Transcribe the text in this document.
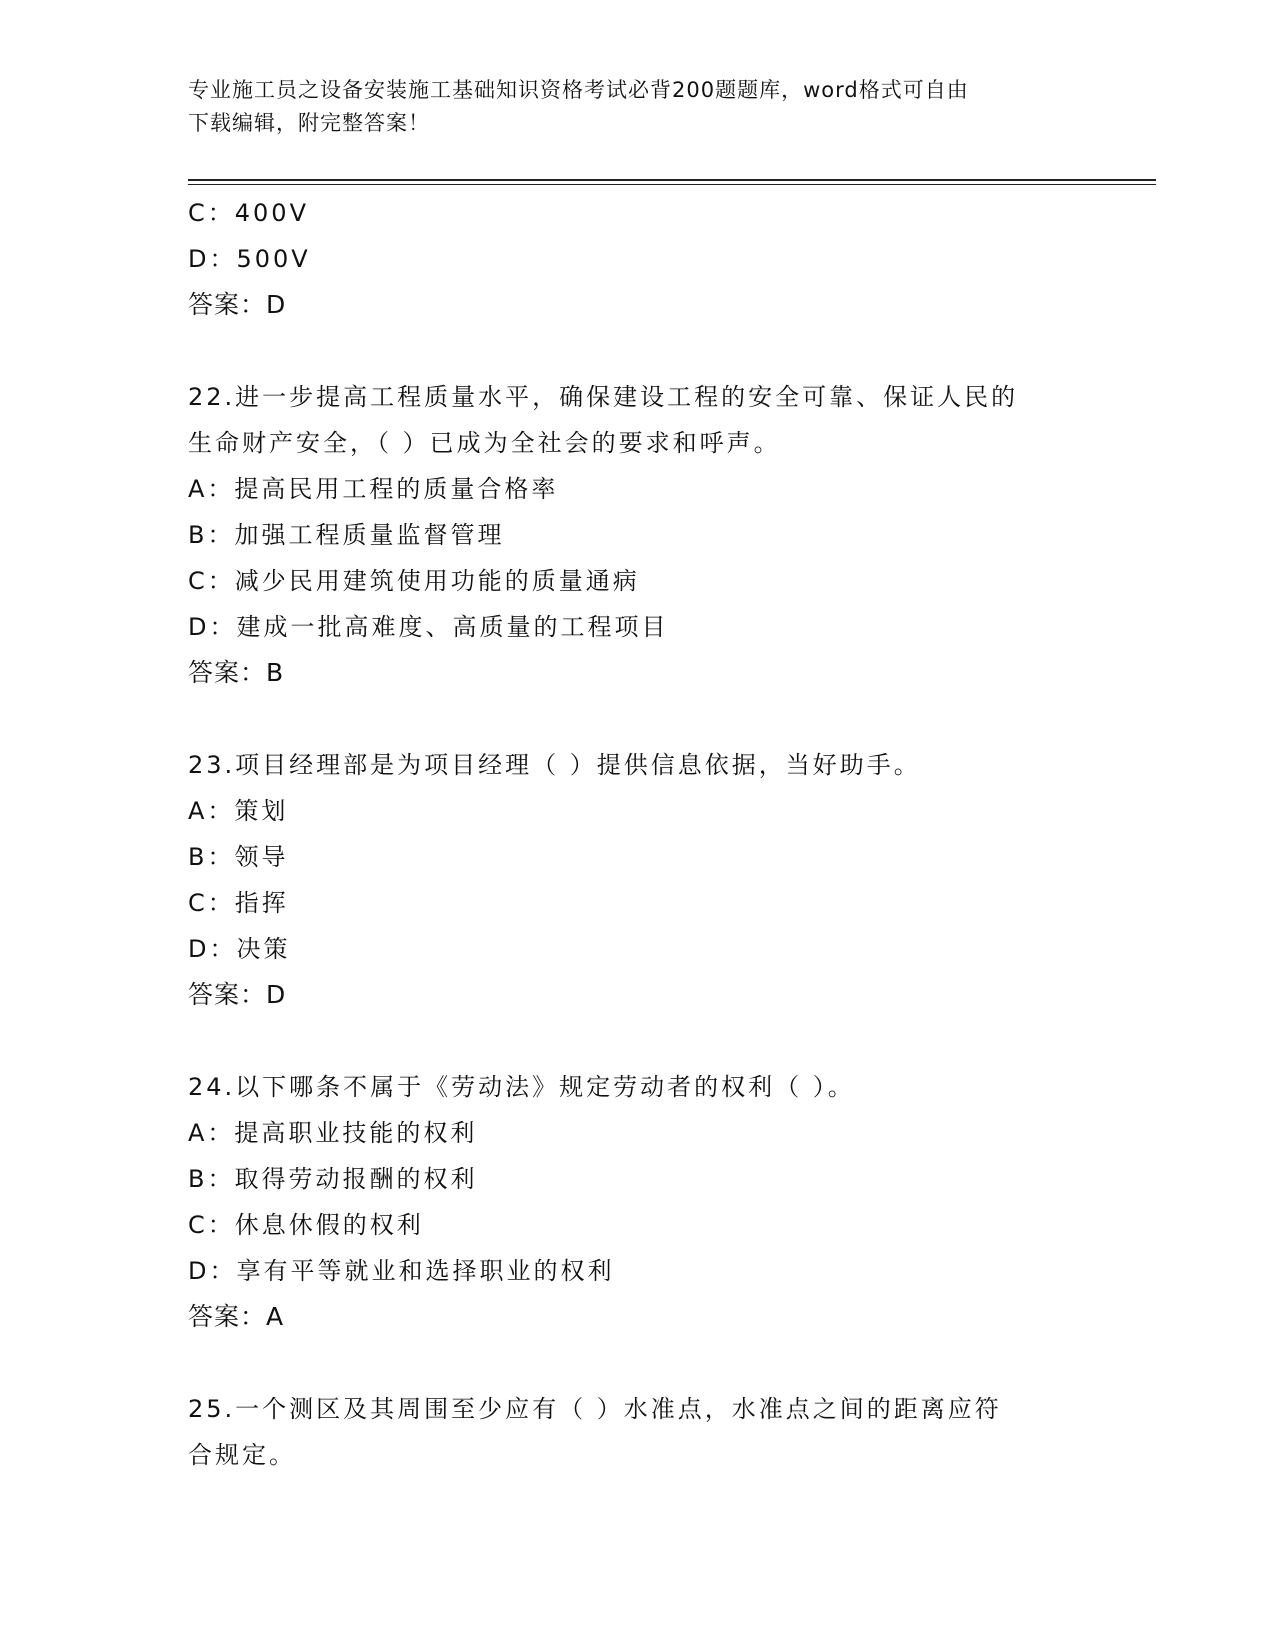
专业施工员之设备安装施工基础知识资格考试必背200题题库，word格式可自由
下载编辑，附完整答案！
C：400V
D：500V
答案：D
22.进一步提高工程质量水平，确保建设工程的安全可靠、保证人民的
生命财产安全，（ ）已成为全社会的要求和呼声。
A：提高民用工程的质量合格率
B：加强工程质量监督管理
C：减少民用建筑使用功能的质量通病
D：建成一批高难度、高质量的工程项目
答案：B
23.项目经理部是为项目经理（ ）提供信息依据，当好助手。
A：策划
B：领导
C：指挥
D：决策
答案：D
24.以下哪条不属于《劳动法》规定劳动者的权利（ ）。
A：提高职业技能的权利
B：取得劳动报酬的权利
C：休息休假的权利
D：享有平等就业和选择职业的权利
答案：A
25.一个测区及其周围至少应有（ ）水准点，水准点之间的距离应符
合规定。
